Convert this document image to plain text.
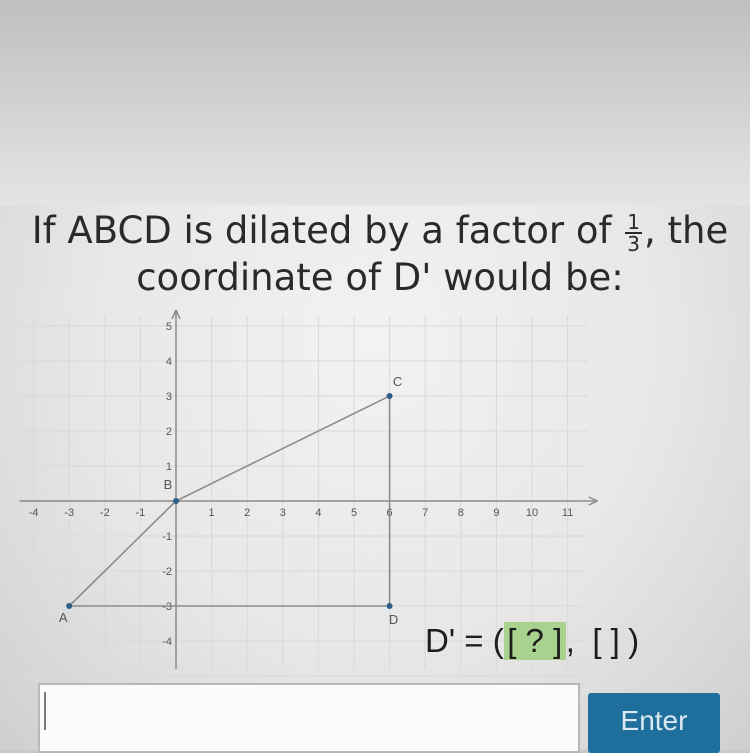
If ABCD is dilated by a factor of $\frac{1}{3}$ , the coordinate of D' would be:
-4 -3 -2 -1	1	2	3	4	5	6	7	8	9 10 11
-4
-3
-2
-1
1
2
3
4
5
A
B
C
D
D' = ( [ ? ] , [ ] )
Enter
